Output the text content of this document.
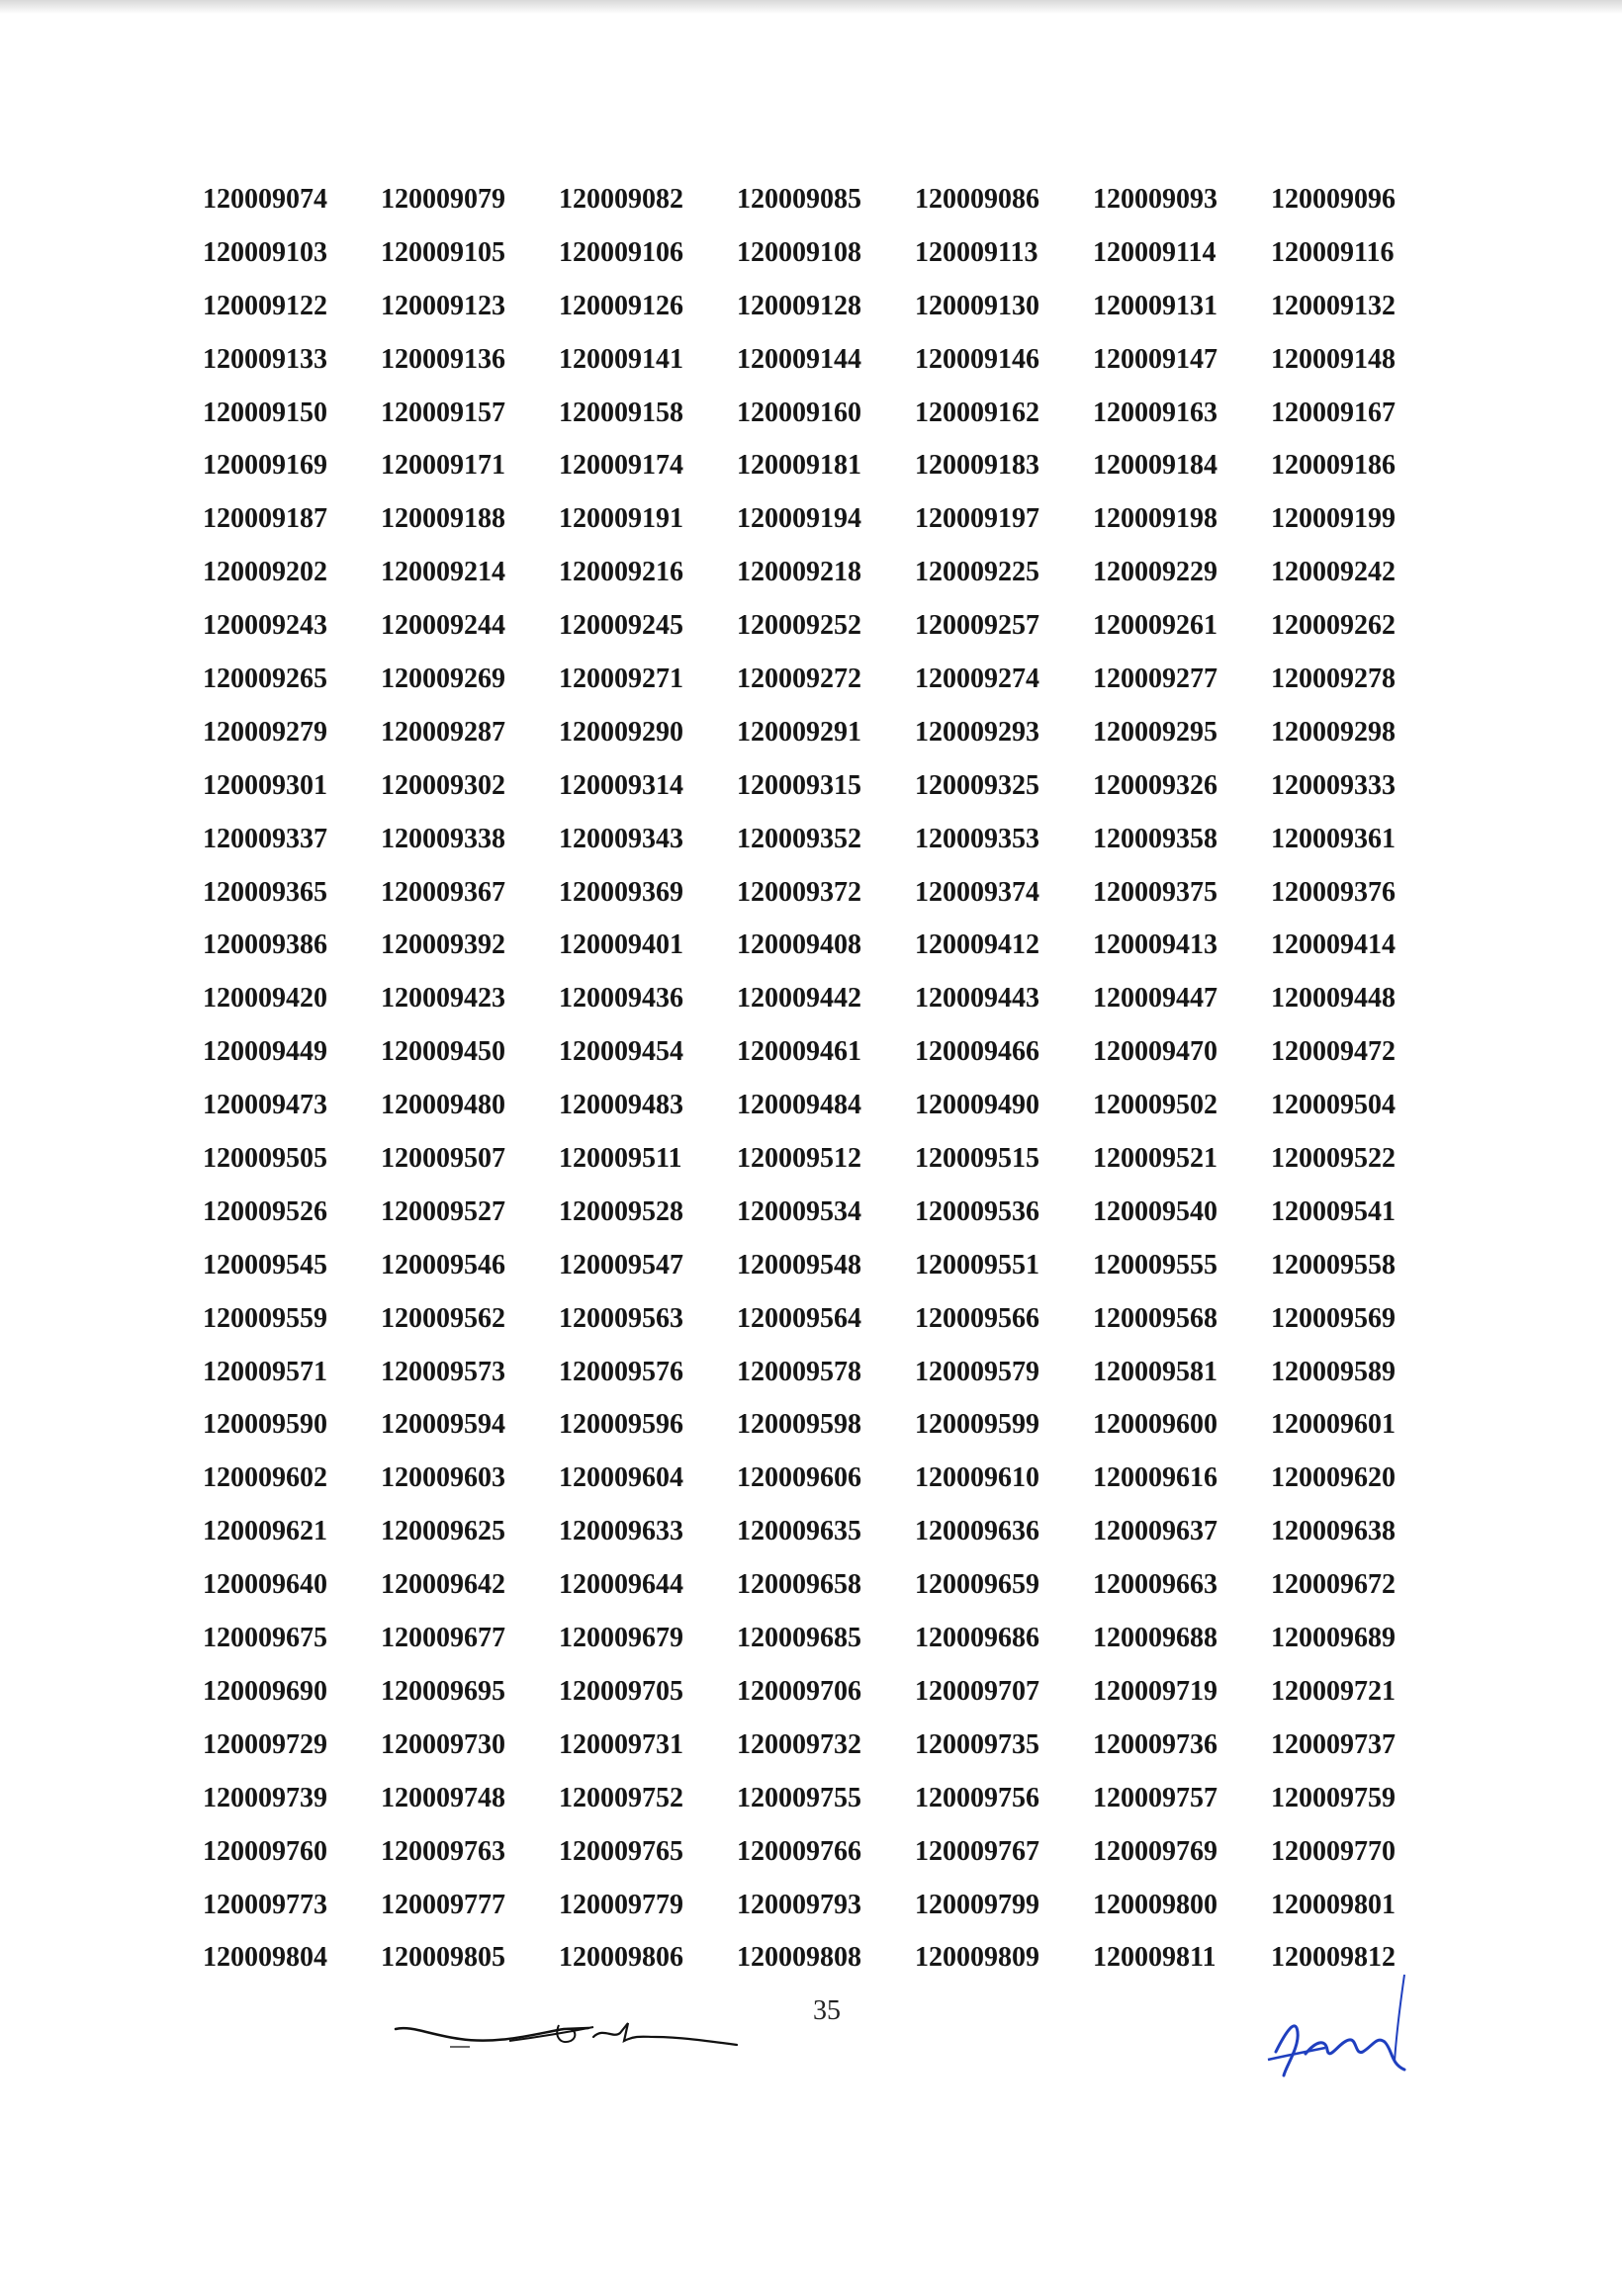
120009074	120009079	120009082	120009085	120009086	120009093	120009096
120009103	120009105	120009106	120009108	120009113	120009114	120009116
120009122	120009123	120009126	120009128	120009130	120009131	120009132
120009133	120009136	120009141	120009144	120009146	120009147	120009148
120009150	120009157	120009158	120009160	120009162	120009163	120009167
120009169	120009171	120009174	120009181	120009183	120009184	120009186
120009187	120009188	120009191	120009194	120009197	120009198	120009199
120009202	120009214	120009216	120009218	120009225	120009229	120009242
120009243	120009244	120009245	120009252	120009257	120009261	120009262
120009265	120009269	120009271	120009272	120009274	120009277	120009278
120009279	120009287	120009290	120009291	120009293	120009295	120009298
120009301	120009302	120009314	120009315	120009325	120009326	120009333
120009337	120009338	120009343	120009352	120009353	120009358	120009361
120009365	120009367	120009369	120009372	120009374	120009375	120009376
120009386	120009392	120009401	120009408	120009412	120009413	120009414
120009420	120009423	120009436	120009442	120009443	120009447	120009448
120009449	120009450	120009454	120009461	120009466	120009470	120009472
120009473	120009480	120009483	120009484	120009490	120009502	120009504
120009505	120009507	120009511	120009512	120009515	120009521	120009522
120009526	120009527	120009528	120009534	120009536	120009540	120009541
120009545	120009546	120009547	120009548	120009551	120009555	120009558
120009559	120009562	120009563	120009564	120009566	120009568	120009569
120009571	120009573	120009576	120009578	120009579	120009581	120009589
120009590	120009594	120009596	120009598	120009599	120009600	120009601
120009602	120009603	120009604	120009606	120009610	120009616	120009620
120009621	120009625	120009633	120009635	120009636	120009637	120009638
120009640	120009642	120009644	120009658	120009659	120009663	120009672
120009675	120009677	120009679	120009685	120009686	120009688	120009689
120009690	120009695	120009705	120009706	120009707	120009719	120009721
120009729	120009730	120009731	120009732	120009735	120009736	120009737
120009739	120009748	120009752	120009755	120009756	120009757	120009759
120009760	120009763	120009765	120009766	120009767	120009769	120009770
120009773	120009777	120009779	120009793	120009799	120009800	120009801
120009804	120009805	120009806	120009808	120009809	120009811	120009812
35
